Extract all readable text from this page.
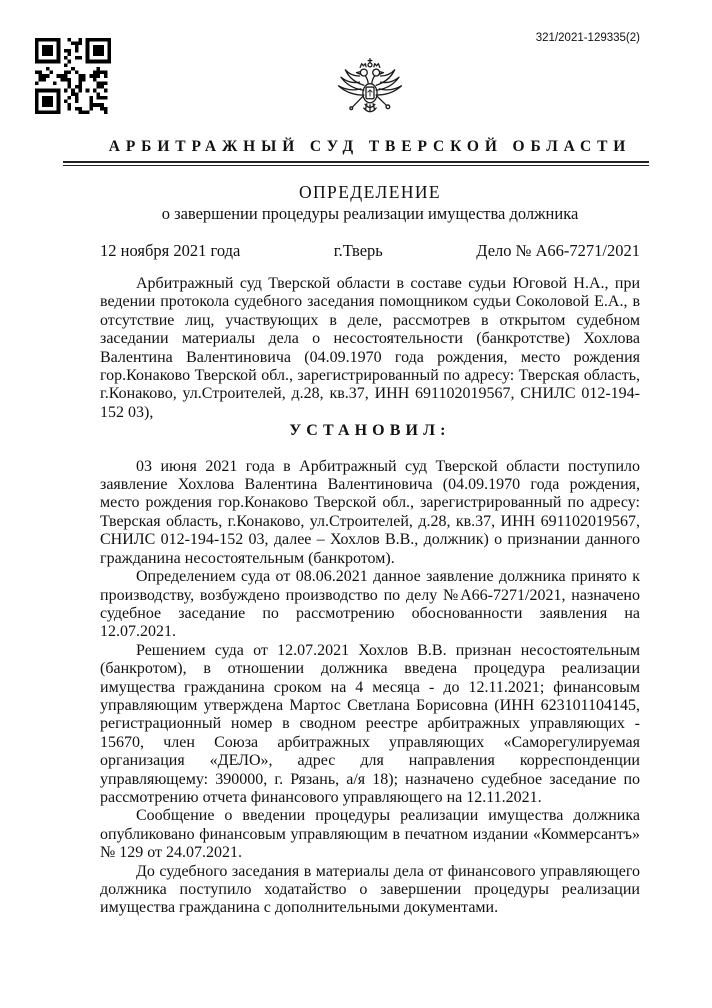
321/2021-129335(2)
АРБИТРАЖНЫЙ СУД ТВЕРСКОЙ ОБЛАСТИ
ОПРЕДЕЛЕНИЕ
о завершении процедуры реализации имущества должника
12 ноября 2021 года	г.Тверь	Дело № А66-7271/2021

Арбитражный суд Тверской области в составе судьи Юговой Н.А., при ведении протокола судебного заседания помощником судьи Соколовой Е.А., в отсутствие лиц, участвующих в деле, рассмотрев в открытом судебном заседании материалы дела о несостоятельности (банкротстве) Хохлова Валентина Валентиновича (04.09.1970 года рождения, место рождения гор.Конаково Тверской обл., зарегистрированный по адресу: Тверская область, г.Конаково, ул.Строителей, д.28, кв.37, ИНН 691102019567, СНИЛС 012-194-152 03),

УСТАНОВИЛ:

03 июня 2021 года в Арбитражный суд Тверской области поступило заявление Хохлова Валентина Валентиновича (04.09.1970 года рождения, место рождения гор.Конаково Тверской обл., зарегистрированный по адресу: Тверская область, г.Конаково, ул.Строителей, д.28, кв.37, ИНН 691102019567, СНИЛС 012-194-152 03, далее – Хохлов В.В., должник) о признании данного гражданина несостоятельным (банкротом).

Определением суда от 08.06.2021 данное заявление должника принято к производству, возбуждено производство по делу №А66-7271/2021, назначено судебное заседание по рассмотрению обоснованности заявления на 12.07.2021.

Решением суда от 12.07.2021 Хохлов В.В. признан несостоятельным (банкротом), в отношении должника введена процедура реализации имущества гражданина сроком на 4 месяца - до 12.11.2021; финансовым управляющим утверждена Мартос Светлана Борисовна (ИНН 623101104145, регистрационный номер в сводном реестре арбитражных управляющих - 15670, член Союза арбитражных управляющих «Саморегулируемая организация «ДЕЛО», адрес для направления корреспонденции управляющему: 390000, г. Рязань, а/я 18); назначено судебное заседание по рассмотрению отчета финансового управляющего на 12.11.2021.

Сообщение о введении процедуры реализации имущества должника опубликовано финансовым управляющим в печатном издании «Коммерсантъ» № 129 от 24.07.2021.

До судебного заседания в материалы дела от финансового управляющего должника поступило ходатайство о завершении процедуры реализации имущества гражданина с дополнительными документами.
